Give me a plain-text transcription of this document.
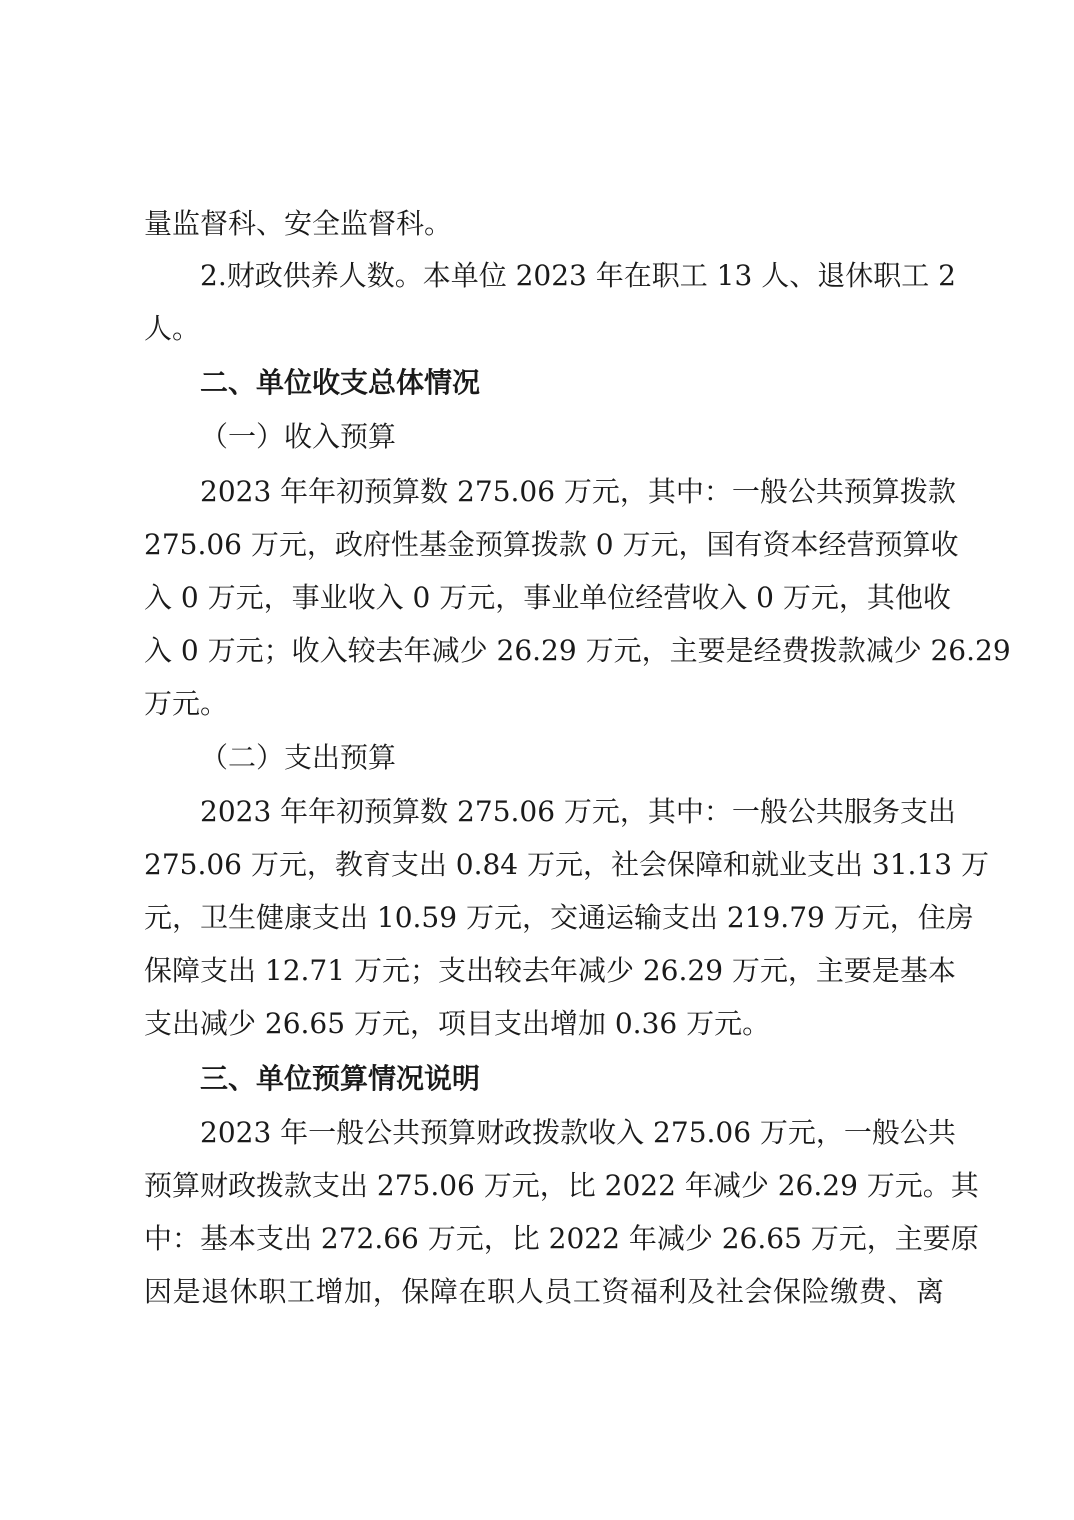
量监督科、安全监督科。
2.财政供养人数。本单位 2023 年在职工 13 人、退休职工 2
人。
二、单位收支总体情况
（一）收入预算
2023 年年初预算数 275.06 万元，其中：一般公共预算拨款
275.06 万元，政府性基金预算拨款 0 万元，国有资本经营预算收
入 0 万元，事业收入 0 万元，事业单位经营收入 0 万元，其他收
入 0 万元；收入较去年减少 26.29 万元，主要是经费拨款减少 26.29
万元。
（二）支出预算
2023 年年初预算数 275.06 万元，其中：一般公共服务支出
275.06 万元，教育支出 0.84 万元，社会保障和就业支出 31.13 万
元，卫生健康支出 10.59 万元，交通运输支出 219.79 万元，住房
保障支出 12.71 万元；支出较去年减少 26.29 万元，主要是基本
支出减少 26.65 万元，项目支出增加 0.36 万元。
三、单位预算情况说明
2023 年一般公共预算财政拨款收入 275.06 万元，一般公共
预算财政拨款支出 275.06 万元，比 2022 年减少 26.29 万元。其
中：基本支出 272.66 万元，比 2022 年减少 26.65 万元，主要原
因是退休职工增加，保障在职人员工资福利及社会保险缴费、离
